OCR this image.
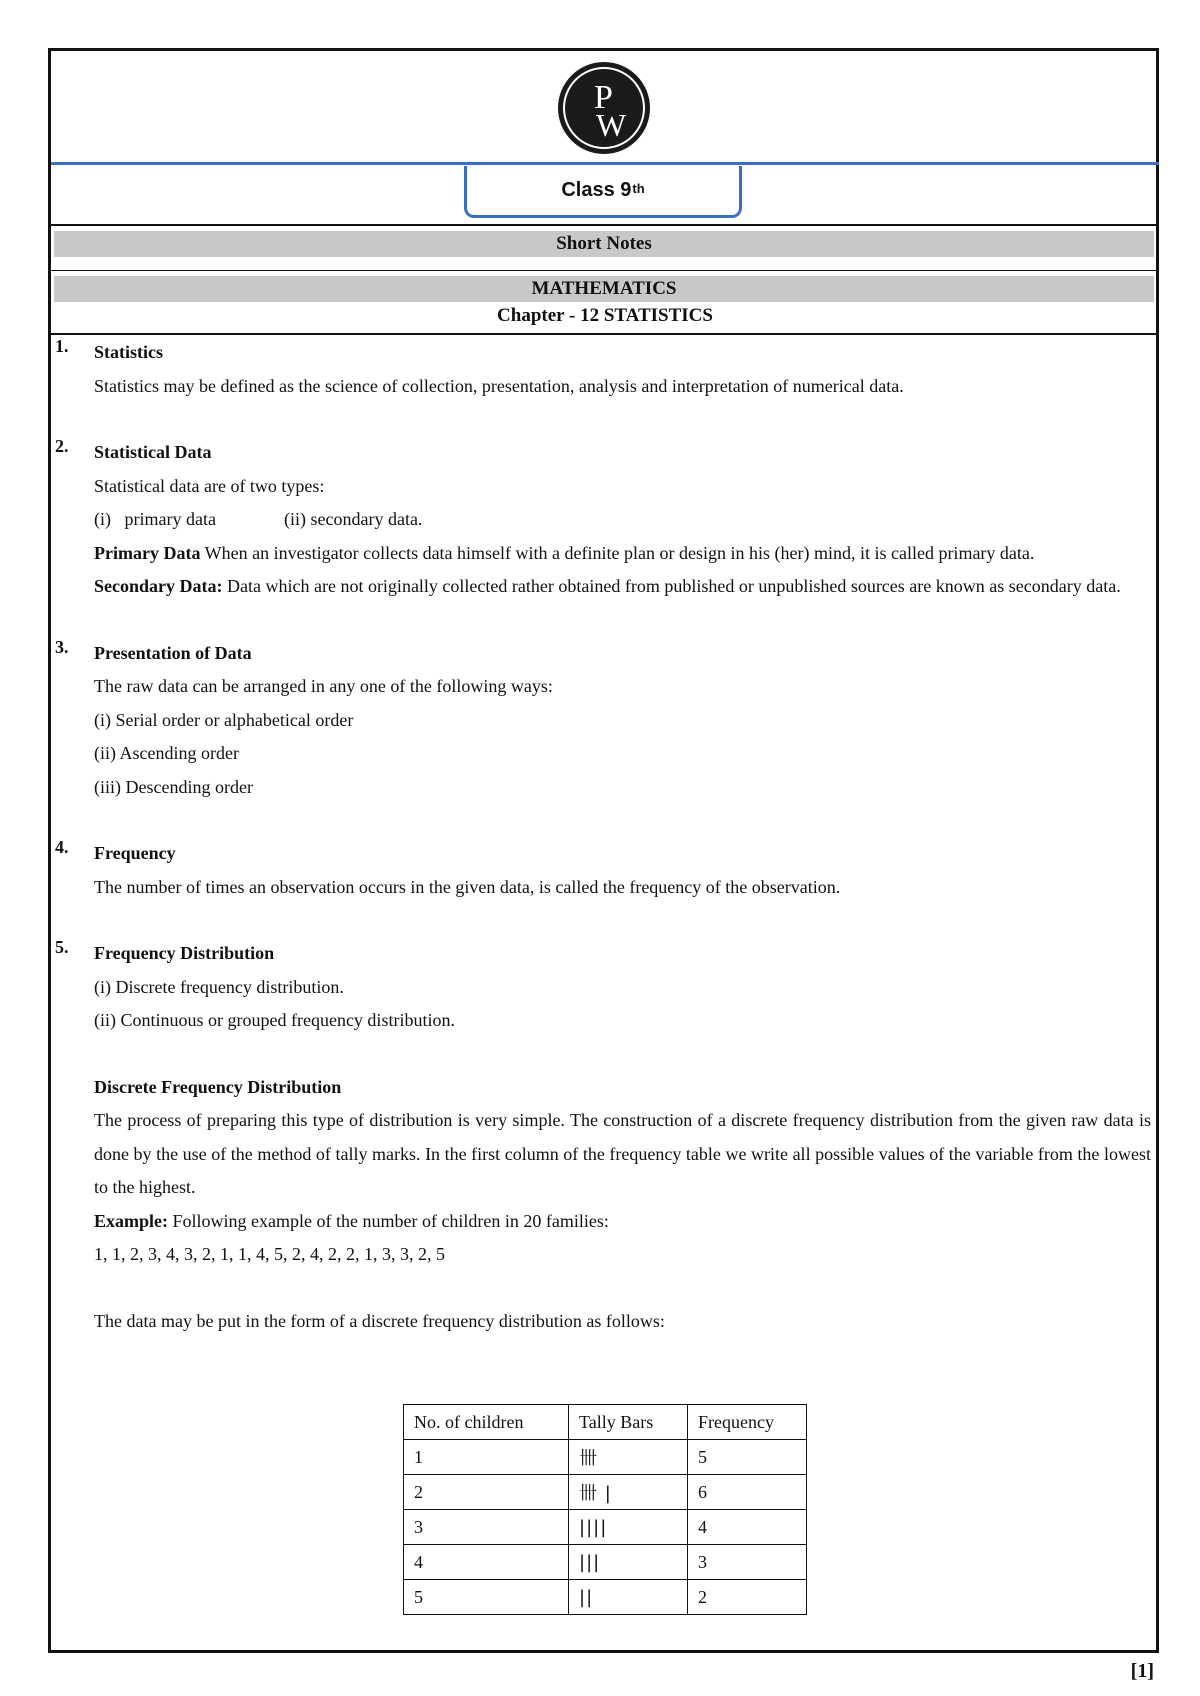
P
W
Class 9th
Short Notes
MATHEMATICS
Chapter - 12 STATISTICS
1. Statistics

Statistics may be defined as the science of collection, presentation, analysis and interpretation of numerical data.

2. Statistical Data

Statistical data are of two types:

(i)   primary data	(ii) secondary data.

Primary Data When an investigator collects data himself with a definite plan or design in his (her) mind, it is called primary data.

Secondary Data: Data which are not originally collected rather obtained from published or unpublished sources are known as secondary data.

3. Presentation of Data

The raw data can be arranged in any one of the following ways:

(i) Serial order or alphabetical order

(ii) Ascending order

(iii) Descending order

4. Frequency

The number of times an observation occurs in the given data, is called the frequency of the observation.

5. Frequency Distribution

(i) Discrete frequency distribution.

(ii) Continuous or grouped frequency distribution.

Discrete Frequency Distribution

The process of preparing this type of distribution is very simple. The construction of a discrete frequency distribution from the given raw data is done by the use of the method of tally marks. In the first column of the frequency table we write all possible values of the variable from the lowest to the highest.

Example: Following example of the number of children in 20 families:

1, 1, 2, 3, 4, 3, 2, 1, 1, 4, 5, 2, 4, 2, 2, 1, 3, 3, 2, 5

The data may be put in the form of a discrete frequency distribution as follows:

No. of children	Tally Bars	Frequency
1	卌	5
2	卌 |	6
3	||||	4
4	|||	3
5	||	2
[1]
